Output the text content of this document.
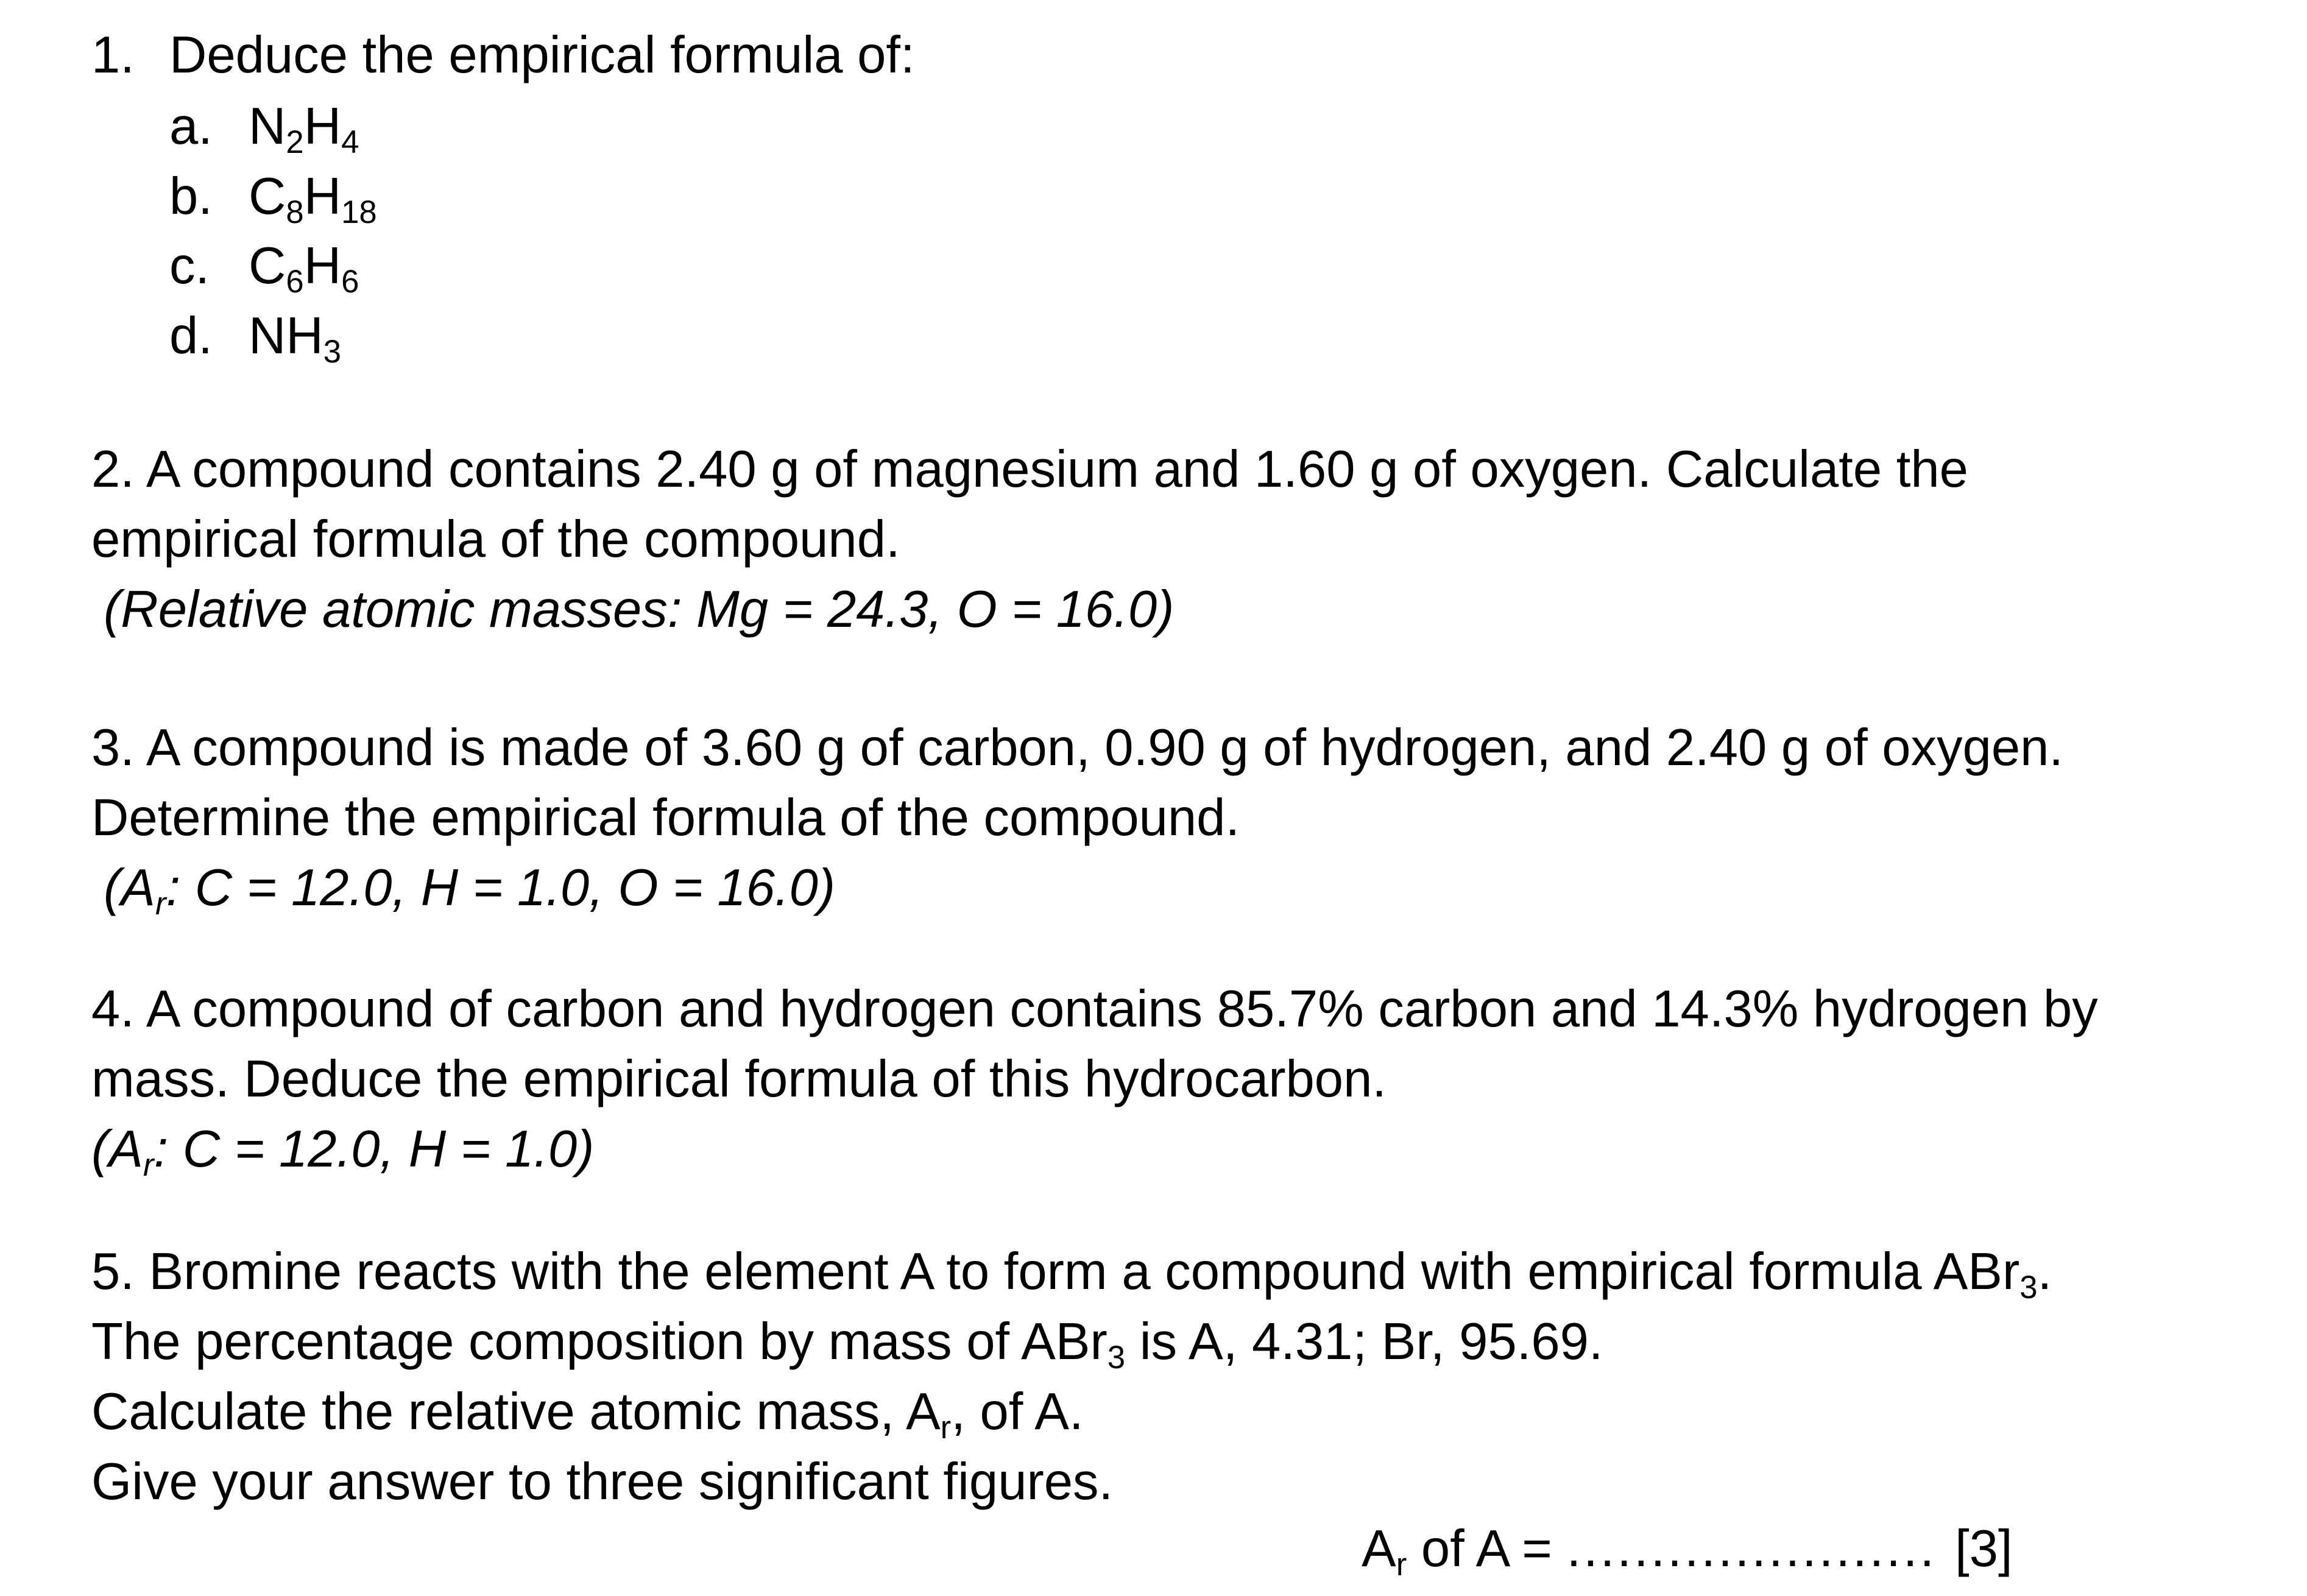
1. Deduce the empirical formula of:
a. $N_2H_4$
b. $C_8H_{18}$
c. $C_6H_6$
d. $NH_3$
2. A compound contains 2.40 g of magnesium and 1.60 g of oxygen. Calculate the
empirical formula of the compound.
(Relative atomic masses: Mg = 24.3, O = 16.0)
3. A compound is made of 3.60 g of carbon, 0.90 g of hydrogen, and 2.40 g of oxygen.
Determine the empirical formula of the compound.
($A_r$: C = 12.0, H = 1.0, O = 16.0)
4. A compound of carbon and hydrogen contains 85.7% carbon and 14.3% hydrogen by
mass. Deduce the empirical formula of this hydrocarbon.
($A_r$: C = 12.0, H = 1.0)
5. Bromine reacts with the element A to form a compound with empirical formula ABr$_3$.
The percentage composition by mass of ABr$_3$ is A, 4.31; Br, 95.69.
Calculate the relative atomic mass, $A_r$, of A.
Give your answer to three significant figures.
$A_r$ of A = ...................... [3]
